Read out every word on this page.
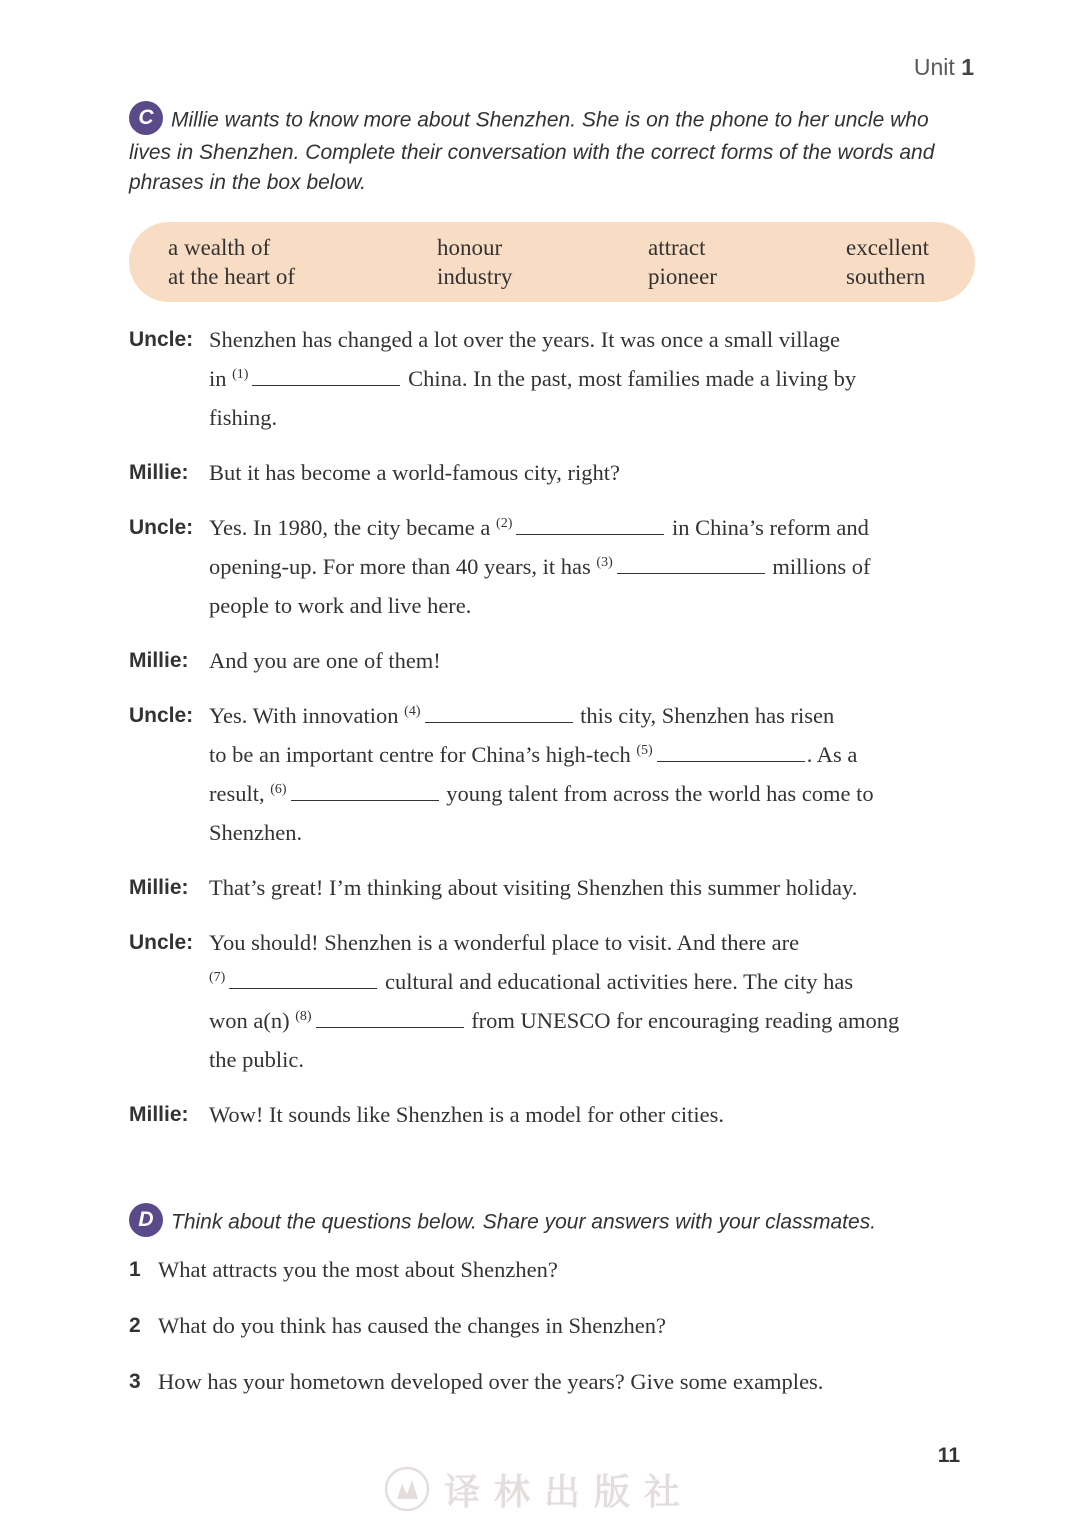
Unit 1
C Millie wants to know more about Shenzhen. She is on the phone to her uncle who lives in Shenzhen. Complete their conversation with the correct forms of the words and phrases in the box below.
a wealth of	honour	attract	excellent
at the heart of	industry	pioneer	southern
Uncle: Shenzhen has changed a lot over the years. It was once a small village
in $^{(1)}$	China. In the past, most families made a living by
fishing.
Millie: But it has become a world-famous city, right?
Uncle: Yes. In 1980, the city became a $^{(2)}$	in China’s reform and
opening-up. For more than 40 years, it has $^{(3)}$	millions of
people to work and live here.
Millie: And you are one of them!
Uncle: Yes. With innovation $^{(4)}$	this city, Shenzhen has risen
to be an important centre for China’s high-tech $^{(5)}$	. As a
result, $^{(6)}$	young talent from across the world has come to
Shenzhen.
Millie: That’s great! I’m thinking about visiting Shenzhen this summer holiday.
Uncle: You should! Shenzhen is a wonderful place to visit. And there are
$^{(7)}$	cultural and educational activities here. The city has
won a(n) $^{(8)}$	from UNESCO for encouraging reading among
the public.
Millie: Wow! It sounds like Shenzhen is a model for other cities.
D Think about the questions below. Share your answers with your classmates.
1 What attracts you the most about Shenzhen?
2 What do you think has caused the changes in Shenzhen?
3 How has your hometown developed over the years? Give some examples.
11
译林出版社
